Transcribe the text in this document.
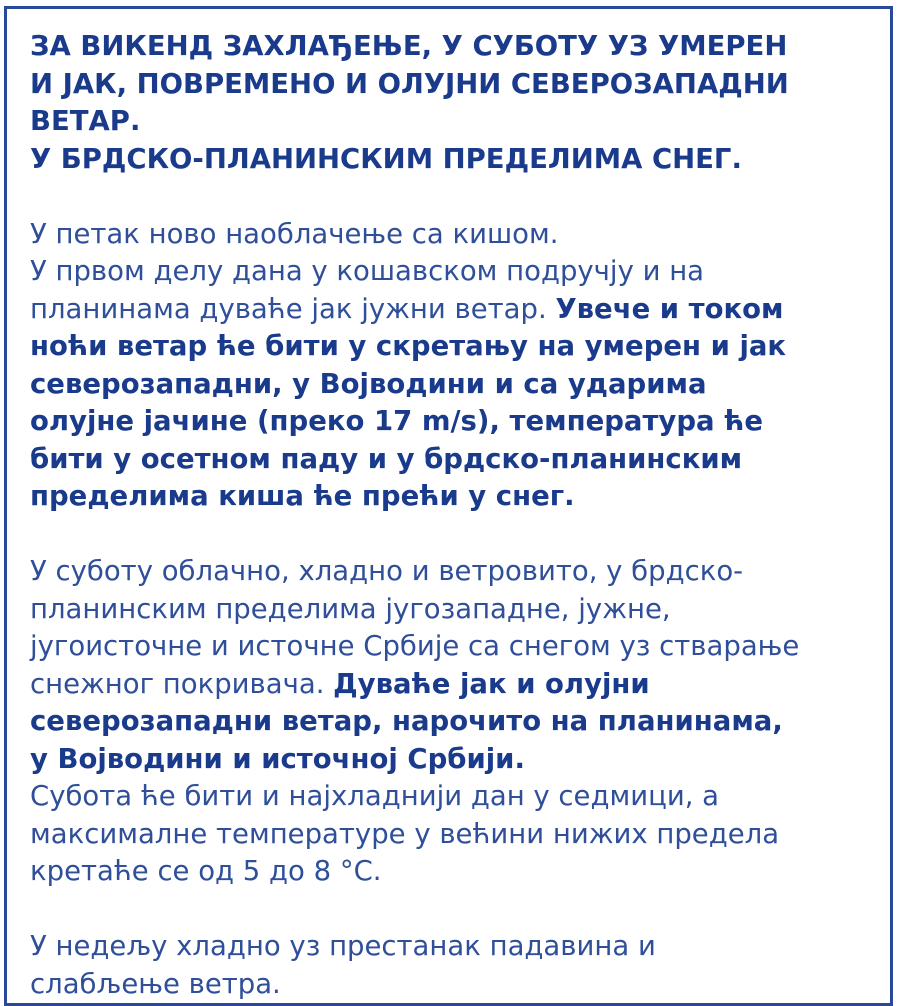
ЗА ВИКЕНД ЗАХЛАЂЕЊЕ, У СУБОТУ УЗ УМЕРЕН
И ЈАК, ПОВРЕМЕНО И ОЛУЈНИ СЕВЕРОЗАПАДНИ
ВЕТАР.
У БРДСКО-ПЛАНИНСКИМ ПРЕДЕЛИМА СНЕГ.
У петак ново наоблачење са кишом.
У првом делу дана у кошавском подручју и на
планинама дуваће јак јужни ветар. Увече и током
ноћи ветар ће бити у скретању на умерен и јак
северозападни, у Војводини и са ударима
олујне јачине (преко 17 m/s), температура ће
бити у осетном паду и у брдско-планинским
пределима киша ће прећи у снег.
У суботу облачно, хладно и ветровито, у брдско-
планинским пределима југозападне, јужне,
југоисточне и источне Србије са снегом уз стварање
снежног покривача. Дуваће јак и олујни
северозападни ветар, нарочито на планинама,
у Војводини и источној Србији.
Субота ће бити и најхладнији дан у седмици, а
максималне температуре у већини нижих предела
кретаће се од 5 до 8 °C.
У недељу хладно уз престанак падавина и
слабљење ветра.
